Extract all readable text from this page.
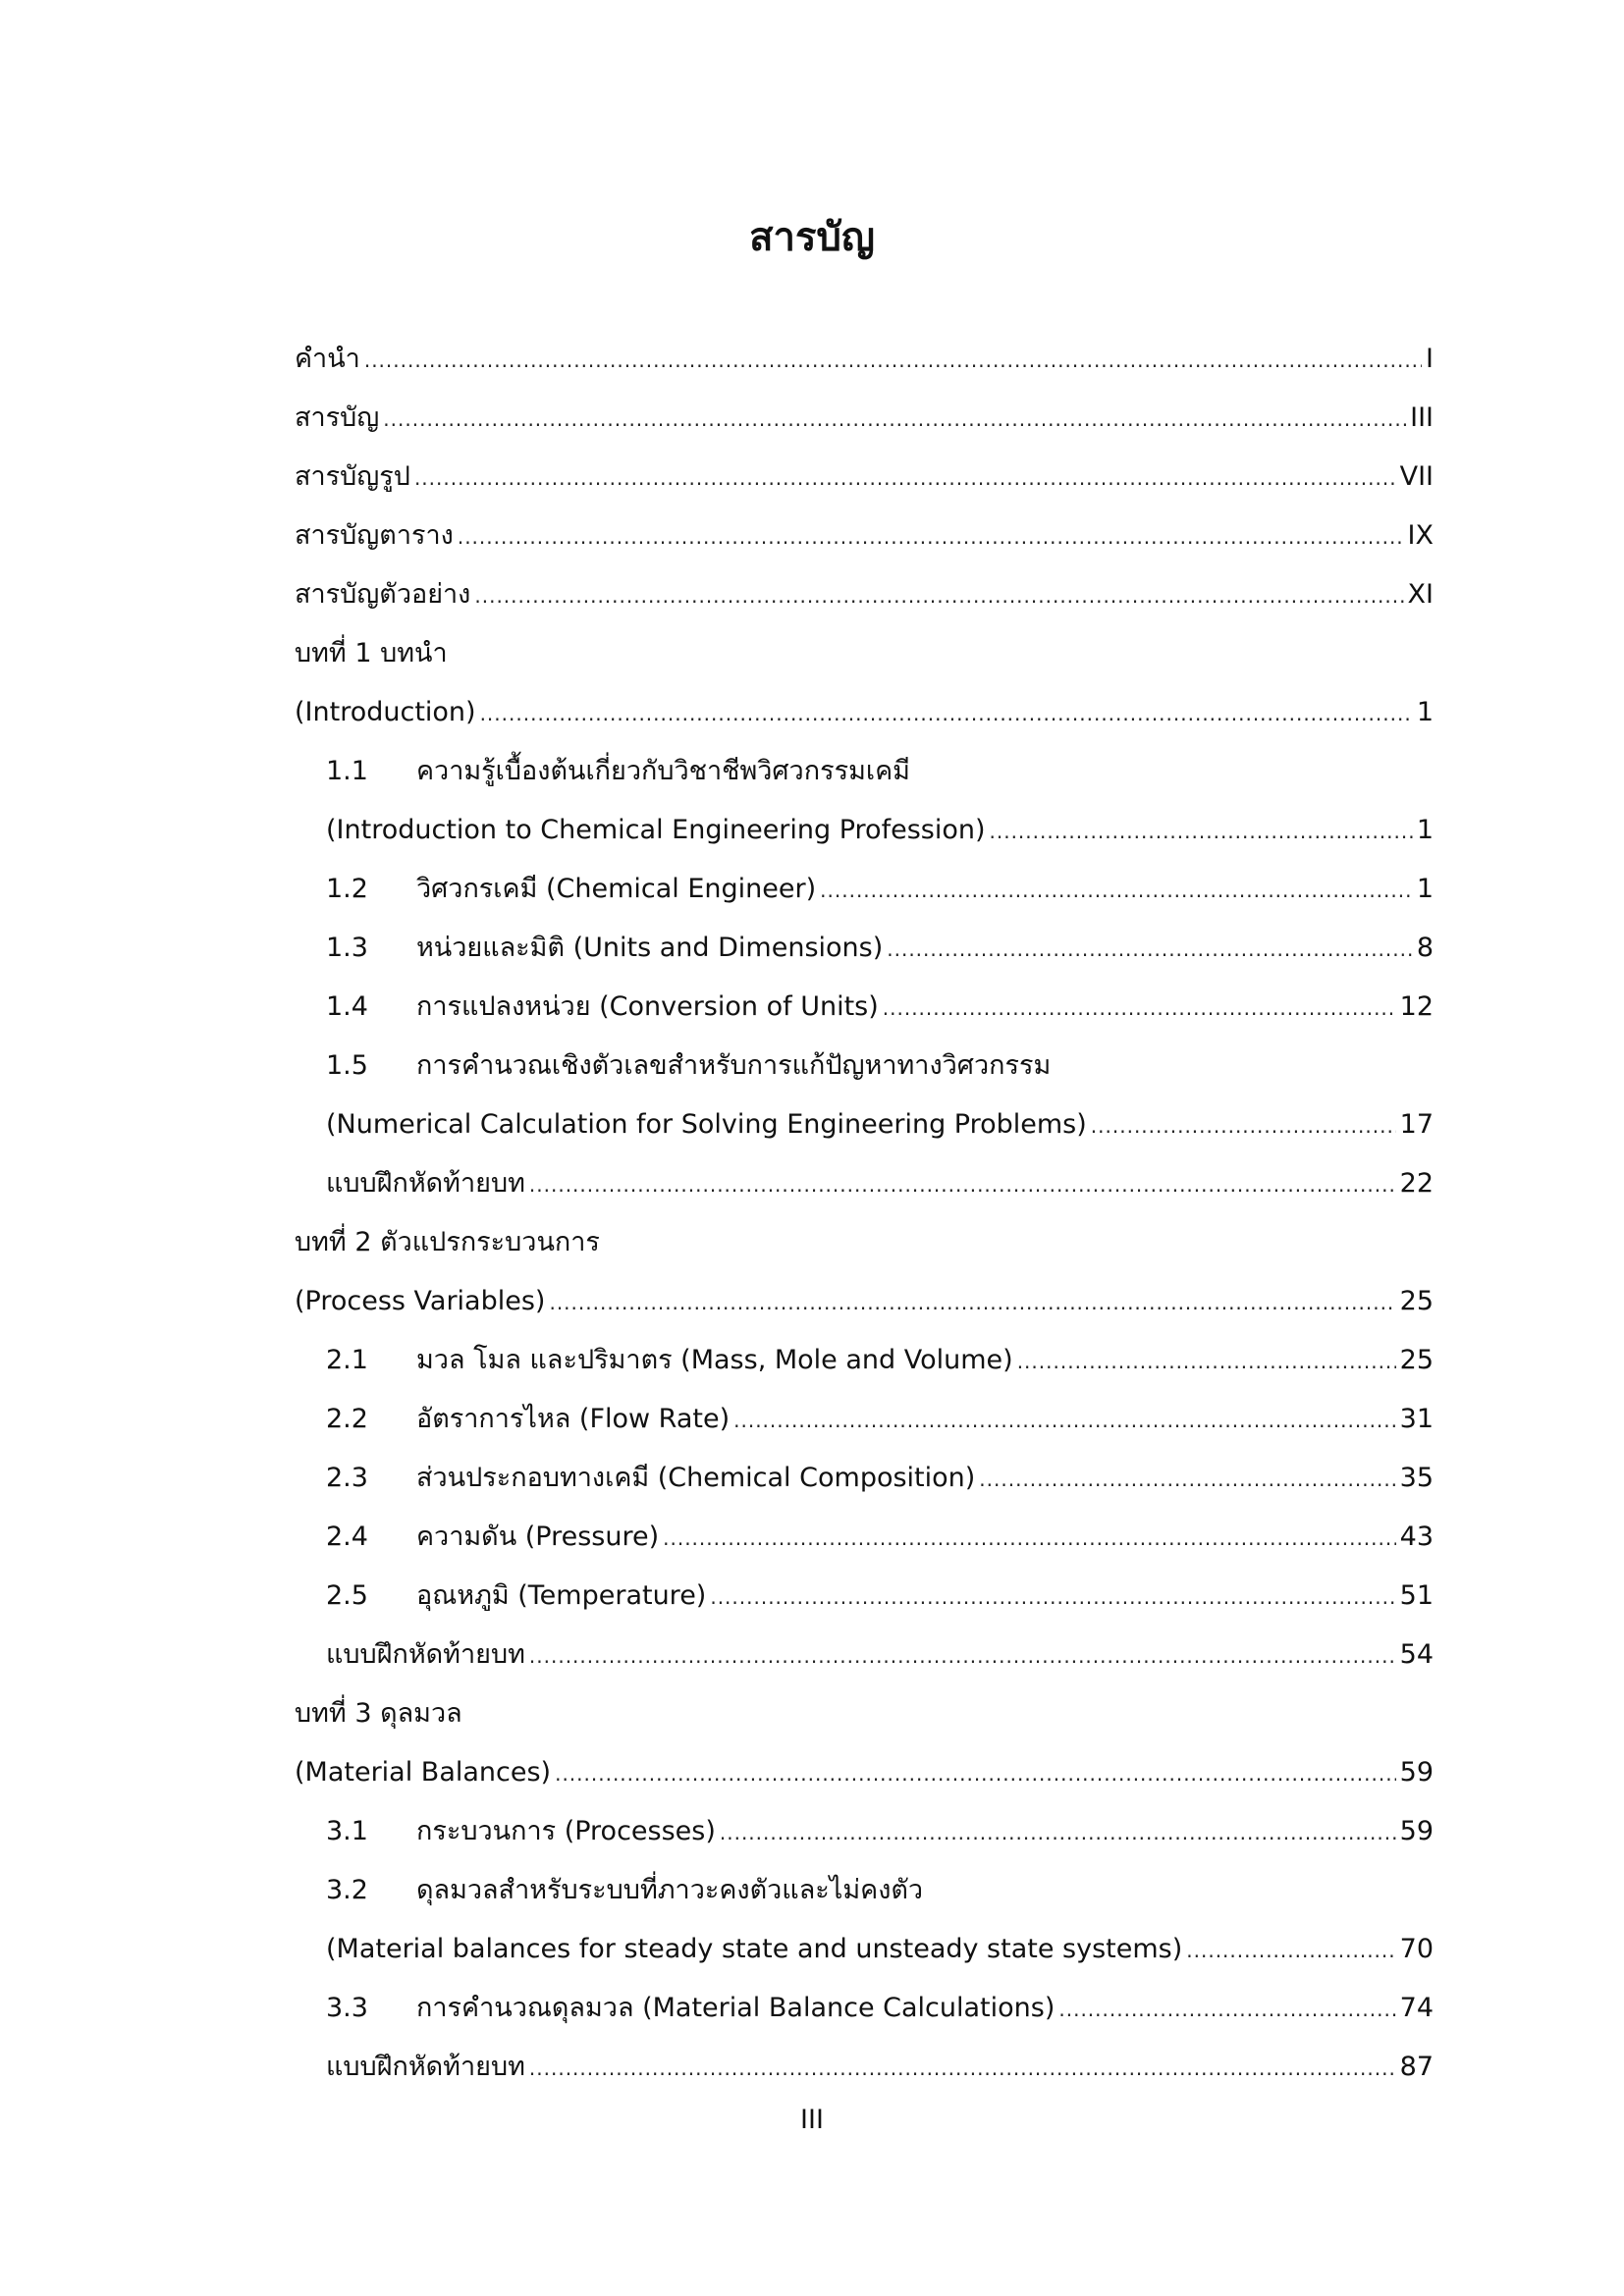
สารบัญ
คำนำ .....	I
สารบัญ .....	III
สารบัญรูป .....	VII
สารบัญตาราง .....	IX
สารบัญตัวอย่าง .....	XI
บทที่ 1 บทนำ
(Introduction) .....	1
1.1	ความรู้เบื้องต้นเกี่ยวกับวิชาชีพวิศวกรรมเคมี
(Introduction to Chemical Engineering Profession) .....	1
1.2	วิศวกรเคมี (Chemical Engineer) .....	1
1.3	หน่วยและมิติ (Units and Dimensions) .....	8
1.4	การแปลงหน่วย (Conversion of Units) .....	12
1.5	การคำนวณเชิงตัวเลขสำหรับการแก้ปัญหาทางวิศวกรรม
(Numerical Calculation for Solving Engineering Problems) .....	17
แบบฝึกหัดท้ายบท .....	22
บทที่ 2 ตัวแปรกระบวนการ
(Process Variables) .....	25
2.1	มวล โมล และปริมาตร (Mass, Mole and Volume) .....	25
2.2	อัตราการไหล (Flow Rate) .....	31
2.3	ส่วนประกอบทางเคมี (Chemical Composition) .....	35
2.4	ความดัน (Pressure) .....	43
2.5	อุณหภูมิ (Temperature) .....	51
แบบฝึกหัดท้ายบท .....	54
บทที่ 3 ดุลมวล
(Material Balances) .....	59
3.1	กระบวนการ (Processes) .....	59
3.2	ดุลมวลสำหรับระบบที่ภาวะคงตัวและไม่คงตัว
(Material balances for steady state and unsteady state systems) .....	70
3.3	การคำนวณดุลมวล (Material Balance Calculations) .....	74
แบบฝึกหัดท้ายบท .....	87
III
